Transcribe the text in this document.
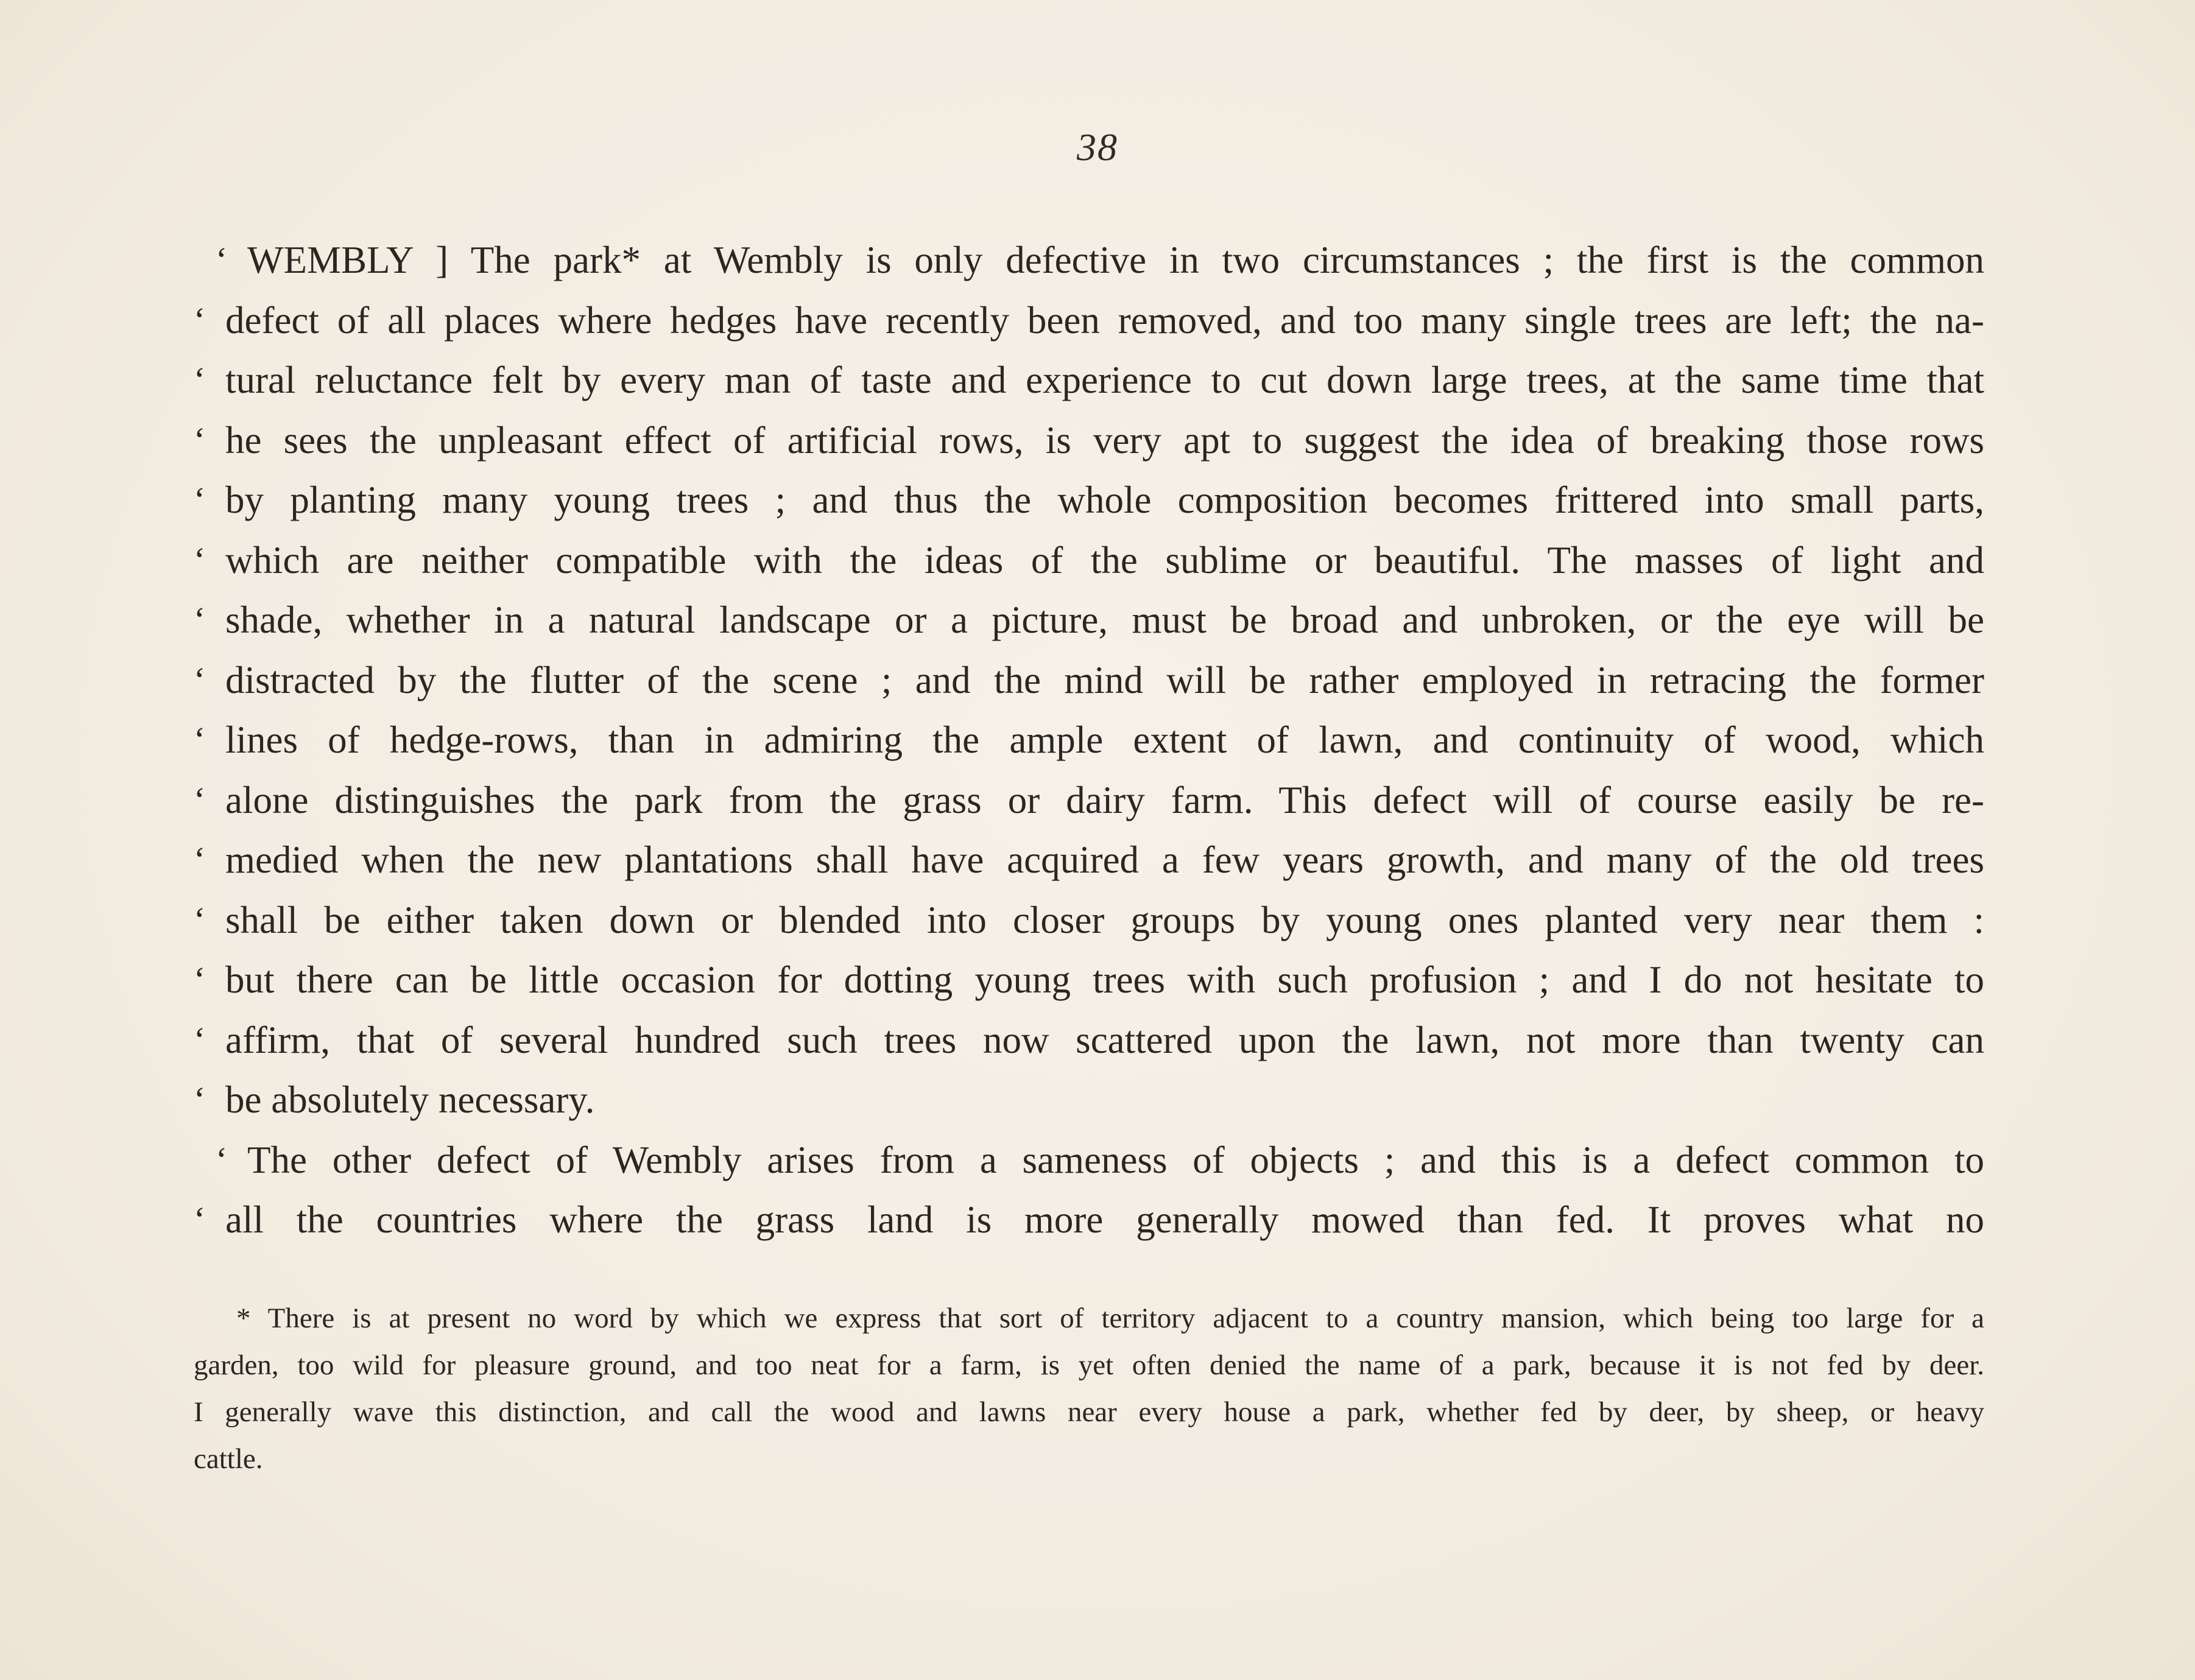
38
‘ WEMBLY ] The park* at Wembly is only defective in two circumstances ; the first is the common
‘ defect of all places where hedges have recently been removed, and too many single trees are left; the na-
‘ tural reluctance felt by every man of taste and experience to cut down large trees, at the same time that
‘ he sees the unpleasant effect of artificial rows, is very apt to suggest the idea of breaking those rows
‘ by planting many young trees ; and thus the whole composition becomes frittered into small parts,
‘ which are neither compatible with the ideas of the sublime or beautiful. The masses of light and
‘ shade, whether in a natural landscape or a picture, must be broad and unbroken, or the eye will be
‘ distracted by the flutter of the scene ; and the mind will be rather employed in retracing the former
‘ lines of hedge-rows, than in admiring the ample extent of lawn, and continuity of wood, which
‘ alone distinguishes the park from the grass or dairy farm. This defect will of course easily be re-
‘ medied when the new plantations shall have acquired a few years growth, and many of the old trees
‘ shall be either taken down or blended into closer groups by young ones planted very near them :
‘ but there can be little occasion for dotting young trees with such profusion ; and I do not hesitate to
‘ affirm, that of several hundred such trees now scattered upon the lawn, not more than twenty can
‘ be absolutely necessary.
‘ The other defect of Wembly arises from a sameness of objects ; and this is a defect common to
‘ all the countries where the grass land is more generally mowed than fed. It proves what no
* There is at present no word by which we express that sort of territory adjacent to a country mansion, which being too large for a
garden, too wild for pleasure ground, and too neat for a farm, is yet often denied the name of a park, because it is not fed by deer.
I generally wave this distinction, and call the wood and lawns near every house a park, whether fed by deer, by sheep, or heavy
cattle.
